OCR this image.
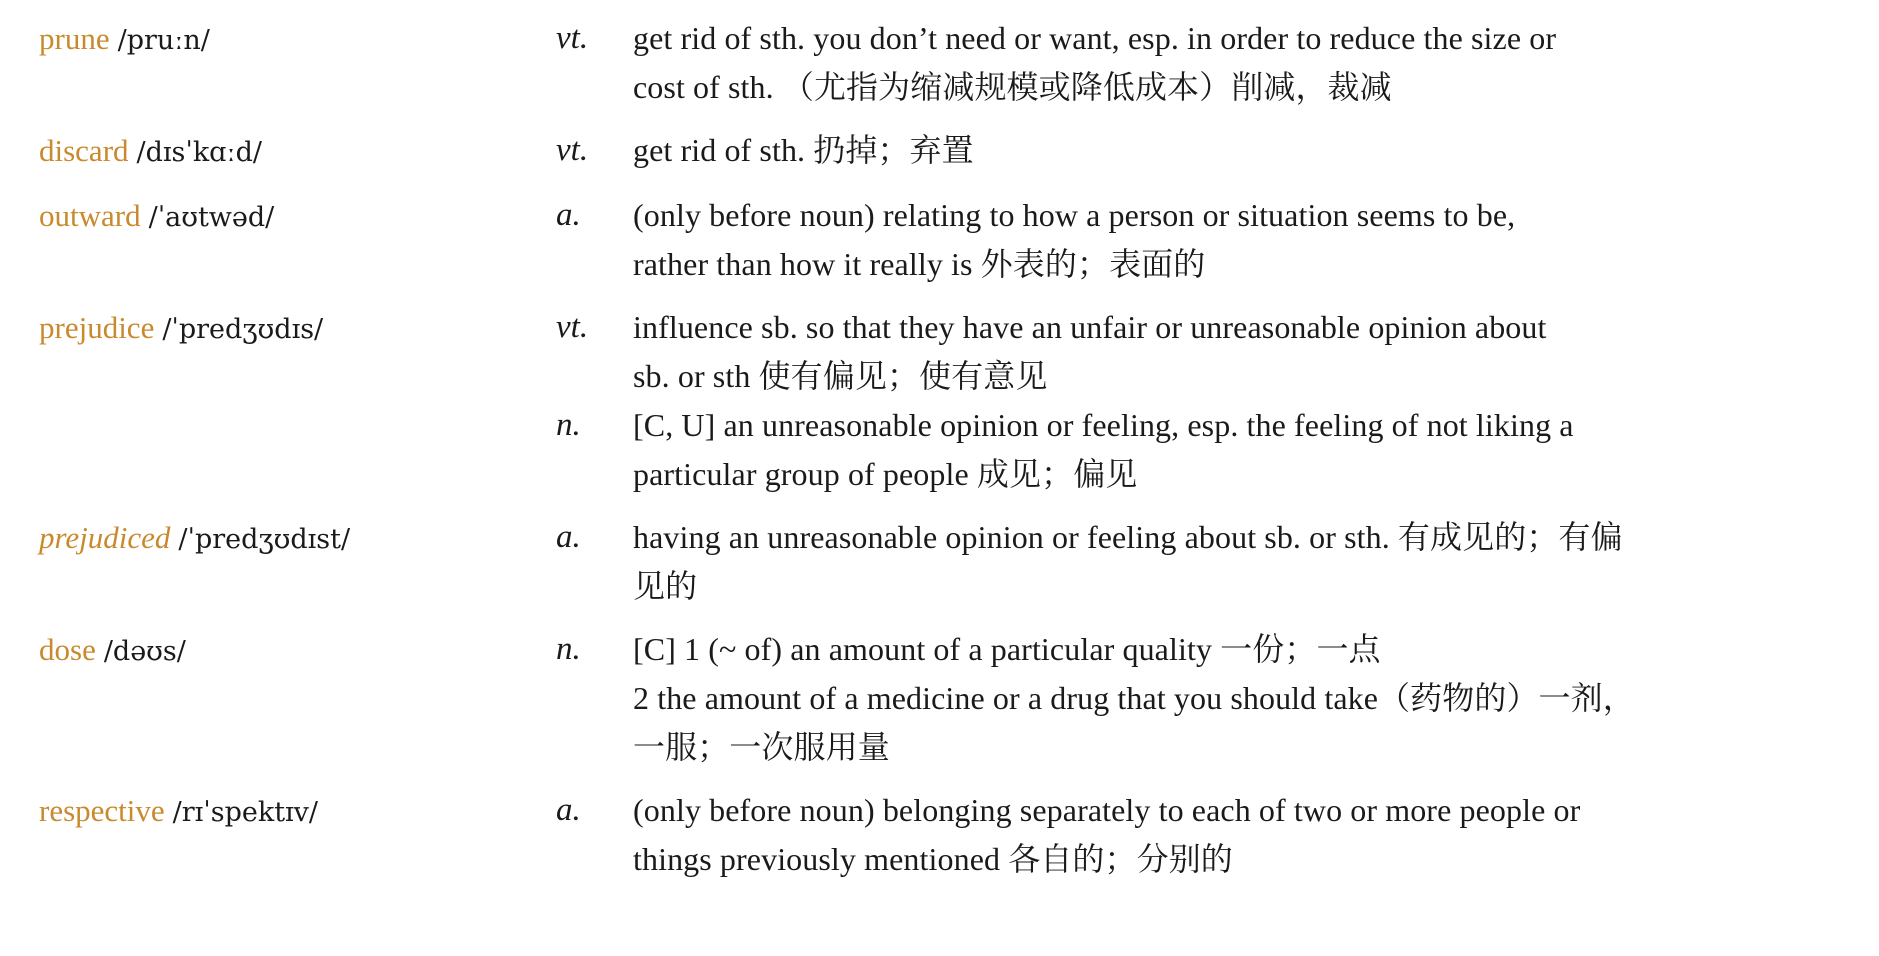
prune /pruːn/	vt.	get rid of sth. you don’t need or want, esp. in order to reduce the size or
cost of sth. （尤指为缩减规模或降低成本）削减，裁减
discard /dɪsˈkɑːd/	vt.	get rid of sth. 扔掉；弃置
outward /ˈaʊtwəd/	a.	(only before noun) relating to how a person or situation seems to be,
rather than how it really is 外表的；表面的
prejudice /ˈpredʒʊdɪs/	vt.	influence sb. so that they have an unfair or unreasonable opinion about
sb. or sth 使有偏见；使有意见
n.	[C, U] an unreasonable opinion or feeling, esp. the feeling of not liking a
particular group of people 成见；偏见
prejudiced /ˈpredʒʊdɪst/	a.	having an unreasonable opinion or feeling about sb. or sth. 有成见的；有偏
见的
dose /dəʊs/	n.	[C] 1 (~ of) an amount of a particular quality 一份；一点
2 the amount of a medicine or a drug that you should take（药物的）一剂，
一服；一次服用量
respective /rɪˈspektɪv/	a.	(only before noun) belonging separately to each of two or more people or
things previously mentioned 各自的；分别的
